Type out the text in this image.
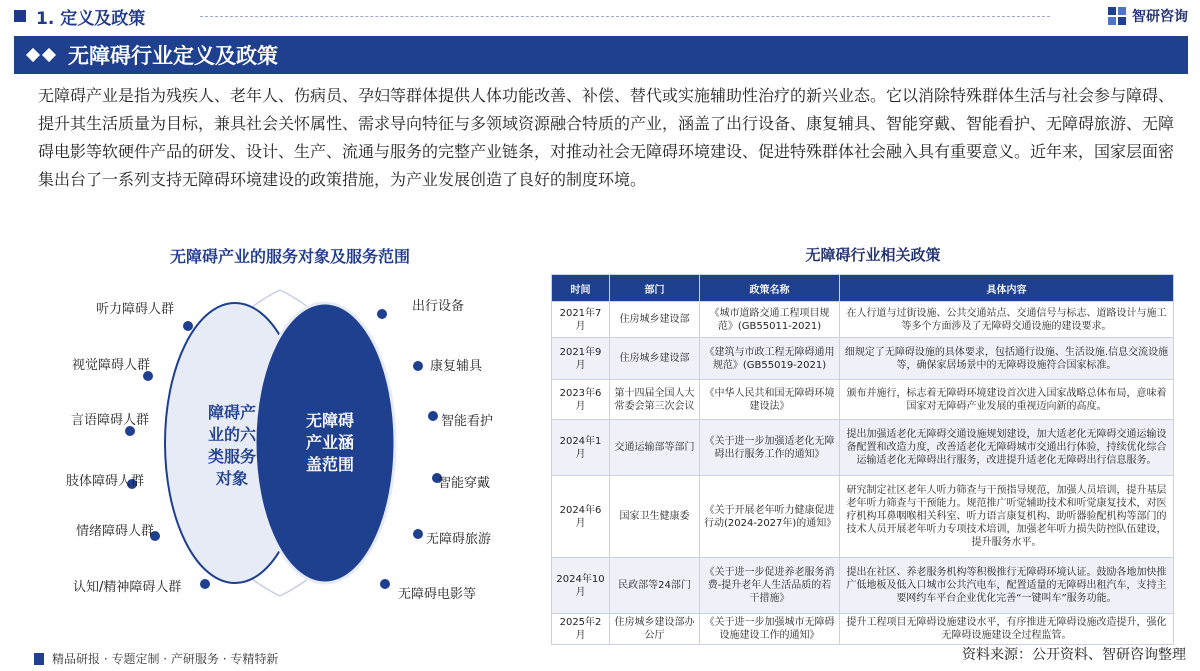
1. 定义及政策	智研咨询
无障碍行业定义及政策
无障碍产业是指为残疾人、老年人、伤病员、孕妇等群体提供人体功能改善、补偿、替代或实施辅助性治疗的新兴业态。它以消除特殊群体生活与社会参与障碍、提升其生活质量为目标，兼具社会关怀属性、需求导向特征与多领域资源融合特质的产业，涵盖了出行设备、康复辅具、智能穿戴、智能看护、无障碍旅游、无障碍电影等软硬件产品的研发、设计、生产、流通与服务的完整产业链条，对推动社会无障碍环境建设、促进特殊群体社会融入具有重要意义。近年来，国家层面密集出台了一系列支持无障碍环境建设的政策措施，为产业发展创造了良好的制度环境。
无障碍产业的服务对象及服务范围	无障碍行业相关政策
障碍产
业的六
类服务
对象
无障碍
产业涵
盖范围
听力障碍人群
视觉障碍人群
言语障碍人群
肢体障碍人群
情绪障碍人群
认知/精神障碍人群
出行设备
康复辅具
智能看护
智能穿戴
无障碍旅游
无障碍电影等
时间	部门	政策名称	具体内容
2021年7月	住房城乡建设部	《城市道路交通工程项目规范》(GB55011-2021)	在人行道与过街设施、公共交通站点、交通信号与标志、道路设计与施工等多个方面涉及了无障碍交通设施的建设要求。
2021年9月	住房城乡建设部	《建筑与市政工程无障碍通用规范》(GB55019-2021)	细规定了无障碍设施的具体要求，包括通行设施、生活设施.信息交流设施等，确保家居场景中的无障碍设施符合国家标准。
2023年6月	第十四届全国人大常委会第三次会议	《中华人民共和国无障碍环境建设法》	颁布并施行，标志着无障碍环境建设首次进入国家战略总体布局，意味着国家对无障碍产业发展的重视迈向新的高度。
2024年1月	交通运输部等部门	《关于进一步加强适老化无障碍出行服务工作的通知》	提出加强适老化无障碍交通设施规划建设，加大适老化无障碍交通运输设备配置和改造力度，改善适老化无障碍城市交通出行体验，持续优化综合运输适老化无障碍出行服务，改进提升适老化无障碍出行信息服务。
2024年6月	国家卫生健康委	《关于开展老年听力健康促进行动(2024-2027年)的通知》	研究制定社区老年人听力筛查与干预指导规范，加强人员培训，提升基层老年听力筛查与干预能力。规范推广听觉辅助技术和听觉康复技术，对医疗机构耳鼻咽喉相关科室、听力语言康复机构、助听器验配机构等部门的技术人员开展老年听力专项技术培训，加强老年听力损失防控队伍建设，提升服务水平。
2024年10月	民政部等24部门	《关于进一步促进养老服务消费-提升老年人生活品质的若干措施》	提出在社区、养老服务机构等积极推行无障碍环境认证。鼓励各地加快推广低地板及低入口城市公共汽电车，配置适量的无障碍出租汽车，支持主要网约车平台企业优化完善“一键叫车”服务功能。
2025年2月	住房城乡建设部办公厅	《关于进一步加强城市无障碍设施建设工作的通知》	提升工程项目无障碍设施建设水平，有序推进无障碍设施改造提升，强化无障碍设施建设全过程监管。
精品研报 · 专题定制 · 产研服务 · 专精特新	资料来源：公开资料、智研咨询整理
